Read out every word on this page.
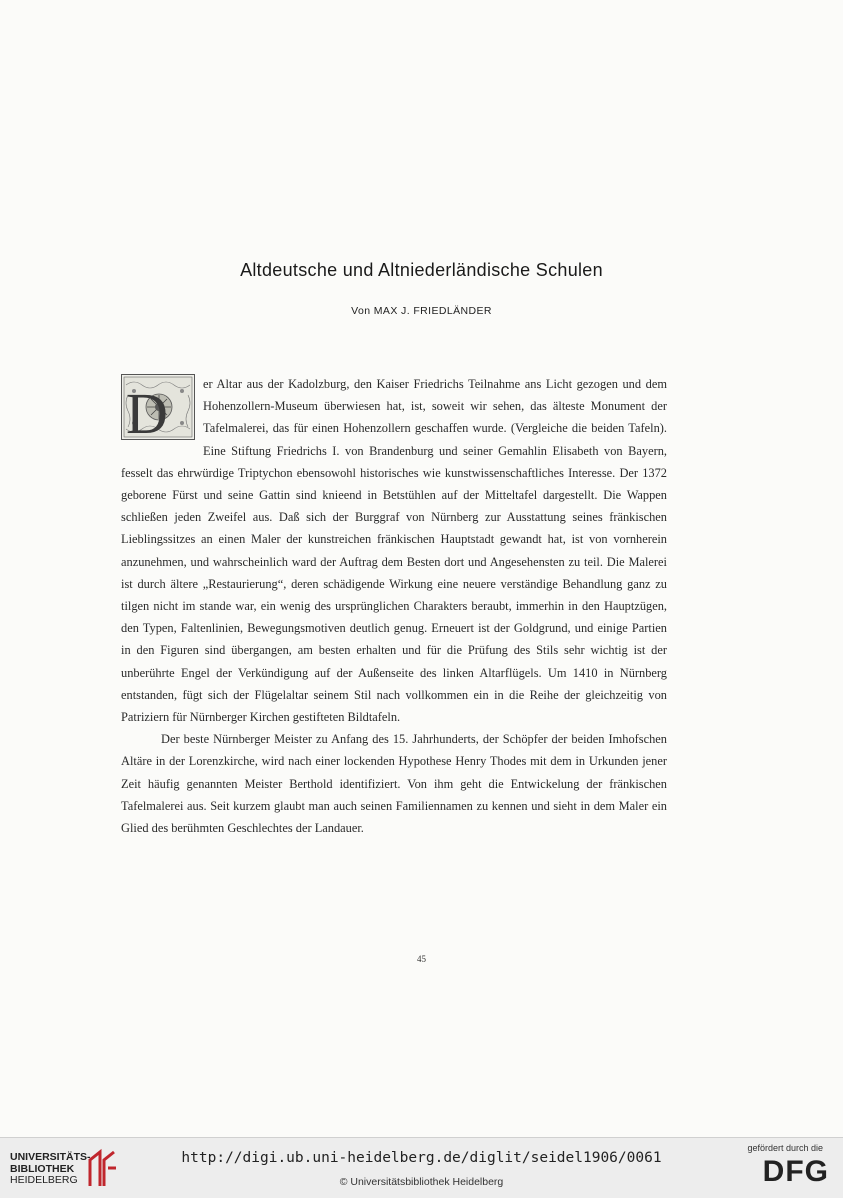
Altdeutsche und Altniederländische Schulen
Von MAX J. FRIEDLÄNDER

D	er Altar aus der Kadolzburg, den Kaiser Friedrichs Teilnahme ans Licht gezogen und dem Hohenzollern-Museum überwiesen hat, ist, soweit wir sehen, das älteste Monument der Tafelmalerei, das für einen Hohenzollern geschaffen wurde. (Vergleiche die beiden Tafeln). Eine Stiftung Friedrichs I. von Brandenburg und seiner Gemahlin Elisabeth von Bayern, fesselt das ehrwürdige Triptychon ebensowohl historisches wie kunstwissenschaftliches Interesse. Der 1372 geborene Fürst und seine Gattin sind knieend in Betstühlen auf der Mitteltafel dargestellt. Die Wappen schließen jeden Zweifel aus. Daß sich der Burggraf von Nürnberg zur Ausstattung seines fränkischen Lieblingssitzes an einen Maler der kunstreichen fränkischen Hauptstadt gewandt hat, ist von vornherein anzunehmen, und wahrscheinlich ward der Auftrag dem Besten dort und Angesehensten zu teil. Die Malerei ist durch ältere „Restaurierung“, deren schädigende Wirkung eine neuere verständige Behandlung ganz zu tilgen nicht im stande war, ein wenig des ursprünglichen Charakters beraubt, immerhin in den Hauptzügen, den Typen, Faltenlinien, Bewegungsmotiven deutlich genug. Erneuert ist der Goldgrund, und einige Partien in den Figuren sind übergangen, am besten erhalten und für die Prüfung des Stils sehr wichtig ist der unberührte Engel der Verkündigung auf der Außenseite des linken Altarflügels. Um 1410 in Nürnberg entstanden, fügt sich der Flügelaltar seinem Stil nach vollkommen ein in die Reihe der gleichzeitig von Patriziern für Nürnberger Kirchen gestifteten Bildtafeln.

Der beste Nürnberger Meister zu Anfang des 15. Jahrhunderts, der Schöpfer der beiden Imhofschen Altäre in der Lorenzkirche, wird nach einer lockenden Hypothese Henry Thodes mit dem in Urkunden jener Zeit häufig genannten Meister Berthold identifiziert. Von ihm geht die Entwickelung der fränkischen Tafelmalerei aus. Seit kurzem glaubt man auch seinen Familiennamen zu kennen und sieht in dem Maler ein Glied des berühmten Geschlechtes der Landauer.

45
UNIVERSITÄTS-
BIBLIOTHEK
HEIDELBERG
http://digi.ub.uni-heidelberg.de/diglit/seidel1906/0061
© Universitätsbibliothek Heidelberg
gefördert durch die
DFG
